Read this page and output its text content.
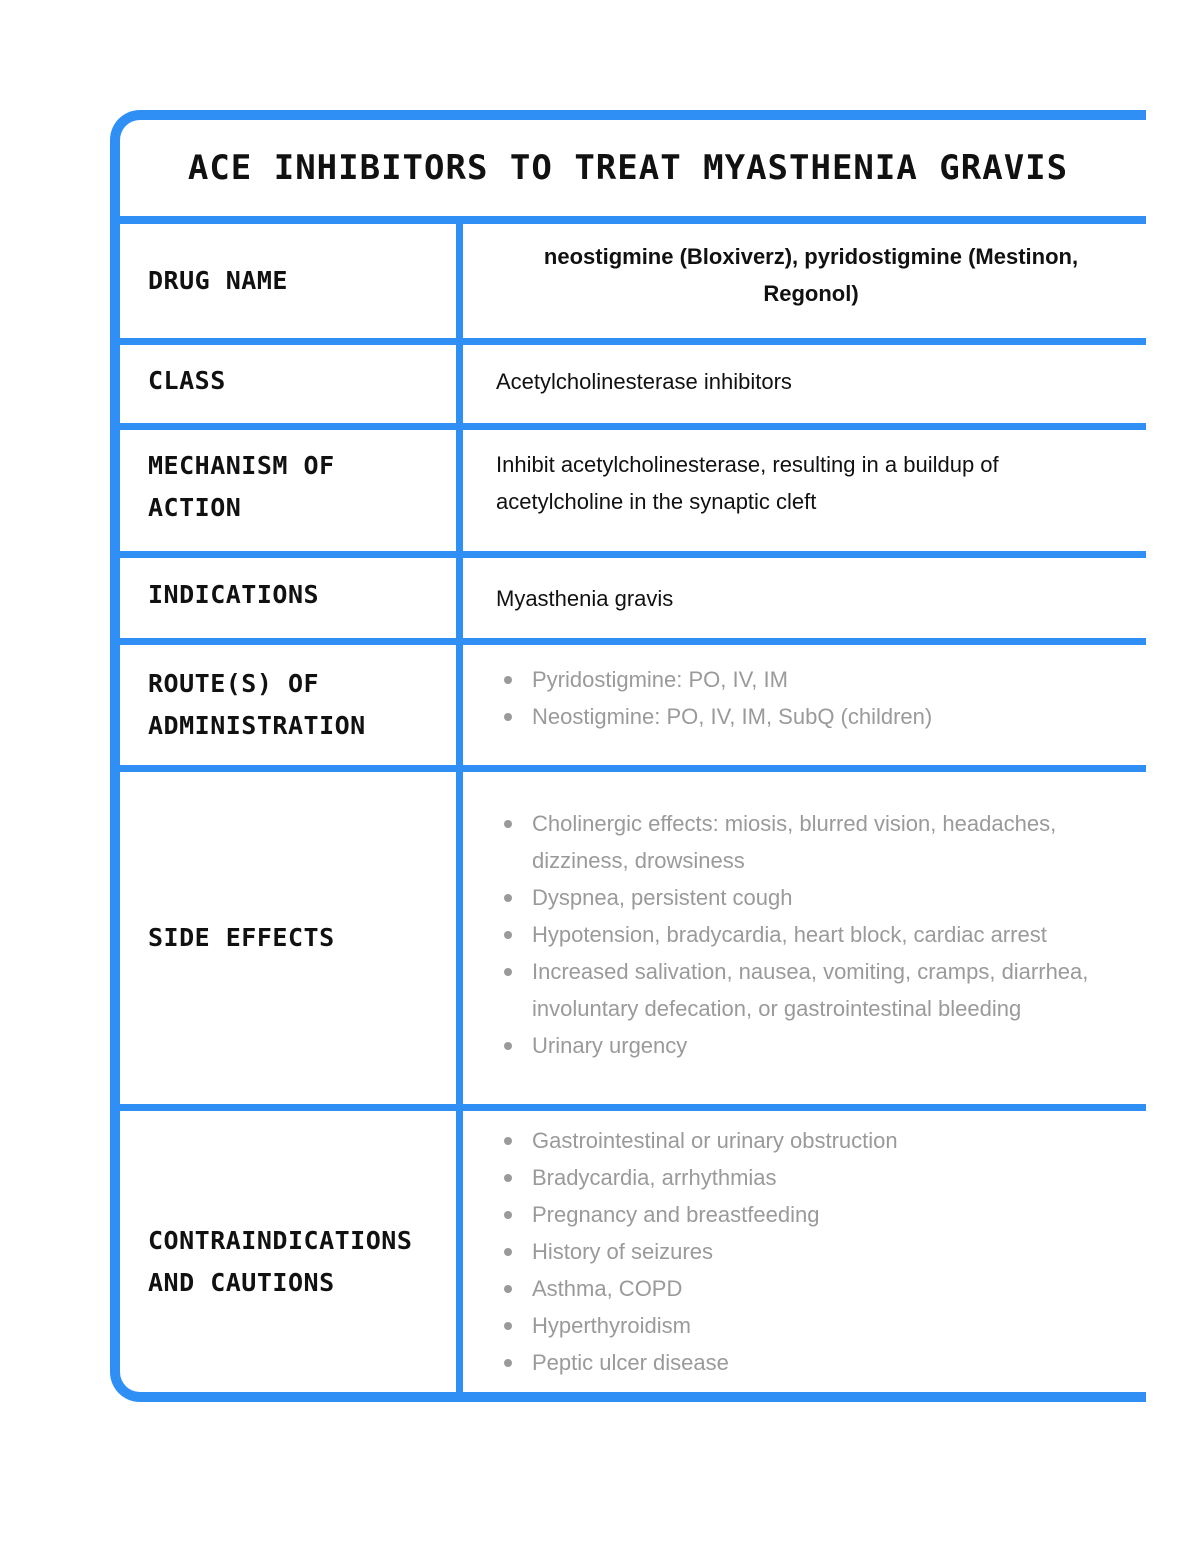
ACE INHIBITORS TO TREAT MYASTHENIA GRAVIS
DRUG NAME
neostigmine (Bloxiverz), pyridostigmine (Mestinon, Regonol)
CLASS	Acetylcholinesterase inhibitors
MECHANISM OF ACTION
Inhibit acetylcholinesterase, resulting in a buildup of acetylcholine in the synaptic cleft
INDICATIONS	Myasthenia gravis
ROUTE(S) OF ADMINISTRATION
Pyridostigmine: PO, IV, IM
Neostigmine: PO, IV, IM, SubQ (children)
SIDE EFFECTS
Cholinergic effects: miosis, blurred vision, headaches, dizziness, drowsiness
Dyspnea, persistent cough
Hypotension, bradycardia, heart block, cardiac arrest
Increased salivation, nausea, vomiting, cramps, diarrhea, involuntary defecation, or gastrointestinal bleeding
Urinary urgency
CONTRAINDICATIONS AND CAUTIONS
Gastrointestinal or urinary obstruction
Bradycardia, arrhythmias
Pregnancy and breastfeeding
History of seizures
Asthma, COPD
Hyperthyroidism
Peptic ulcer disease
